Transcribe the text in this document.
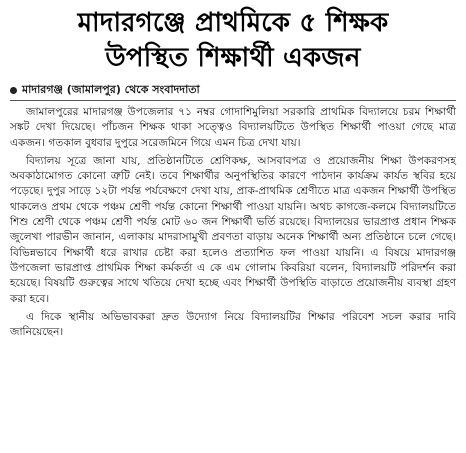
মাদারগঞ্জে প্রাথমিকে ৫ শিক্ষক
উপস্থিত শিক্ষার্থী একজন
মাদারগঞ্জ (জামালপুর) থেকে সংবাদদাতা

জামালপুরের মাদারগঞ্জ উপজেলার ৭১ নম্বর গোদাশিমুলিয়া সরকারি প্রাথমিক বিদ্যালয়ে চরম শিক্ষার্থী সঙ্কট দেখা দিয়েছে। পাঁচজন শিক্ষক থাকা সত্ত্বেও বিদ্যালয়টিতে উপস্থিত শিক্ষার্থী পাওয়া গেছে মাত্র একজন। গতকাল বুধবার দুপুরে সরেজমিনে গিয়ে এমন চিত্র দেখা যায়।

বিদ্যালয় সূত্রে জানা যায়, প্রতিষ্ঠানটিতে শ্রেণিকক্ষ, আসবাবপত্র ও প্রয়োজনীয় শিক্ষা উপকরণসহ অবকাঠামোগত কোনো ত্রুটি নেই। তবে শিক্ষার্থীর অনুপস্থিতির কারণে পাঠদান কার্যক্রম কার্যত স্থবির হয়ে পড়েছে। দুপুর সাড়ে ১২টা পর্যন্ত পর্যবেক্ষণে দেখা যায়, প্রাক-প্রাথমিক শ্রেণীতে মাত্র একজন শিক্ষার্থী উপস্থিত থাকলেও প্রথম থেকে পঞ্চম শ্রেণী পর্যন্ত কোনো শিক্ষার্থী পাওয়া যায়নি। অথচ কাগজে-কলমে বিদ্যালয়টিতে শিশু শ্রেণী থেকে পঞ্চম শ্রেণী পর্যন্ত মোট ৬০ জন শিক্ষার্থী ভর্তি রয়েছে। বিদ্যালয়ের ভারপ্রাপ্ত প্রধান শিক্ষক জুলেখা পারভীন জানান, এলাকায় মাদরাসামুখী প্রবণতা বাড়ায় অনেক শিক্ষার্থী অন্য প্রতিষ্ঠানে চলে গেছে। বিভিন্নভাবে শিক্ষার্থী ধরে রাখার চেষ্টা করা হলেও প্রত্যাশিত ফল পাওয়া যায়নি। এ বিষয়ে মাদারগঞ্জ উপজেলা ভারপ্রাপ্ত প্রাথমিক শিক্ষা কর্মকর্তা এ কে এম গোলাম কিবরিয়া বলেন, বিদ্যালয়টি পরিদর্শন করা হয়েছে। বিষয়টি গুরুত্বের সাথে খতিয়ে দেখা হচ্ছে এবং শিক্ষার্থী উপস্থিতি বাড়াতে প্রয়োজনীয় ব্যবস্থা গ্রহণ করা হবে।

এ দিকে স্থানীয় অভিভাবকরা দ্রুত উদ্যোগ নিয়ে বিদ্যালয়টির শিক্ষার পরিবেশ সচল করার দাবি জানিয়েছেন।
